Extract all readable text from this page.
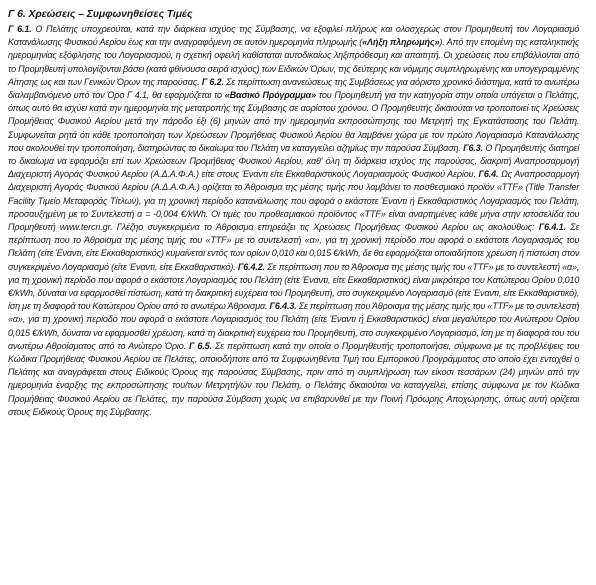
Γ 6. Χρεώσεις – Συμφωνηθείσες Τιμές

Γ 6.1. Ο Πελάτης υποχρεούται, κατά την διάρκεια ισχύος της Σύμβασης, να εξοφλεί πλήρως και ολοσχερώς στον Προμηθευτή τον Λογαριασμό Κατανάλωσης Φυσικού Αερίου έως και την αναγραφόμενη σε αυτόν ημερομηνία πληρωμής («Λήξη πληρωμής»). Από την επομένη της καταληκτικής ημερομηνίας εξόφλησης του Λογαριασμού, η σχετική οφειλή καθίσταται αυτοδικαίως ληξιπρόθεσμη και απαιτητή. Οι χρεώσεις που επιβάλλονται από το Προμηθευτή υπολογίζονται βάσει (κατά φθίνουσα σειρά ισχύος) των Ειδικών Όρων, της δεύτερης και νόμιμης συμπληρωμένης και υπογεγραμμένης Αίτησης ως και των Γενικών Όρων της παρούσας. Γ 6.2. Σε περίπτωση ανανεώσεως της Συμβάσεως για αόριστο χρονικό διάστημα, κατά το ανωτέρω διαλαμβανόμενο υπό τον Όρο Γ 4.1, θα εφαρμόζεται το «Βασικό Πρόγραμμα» του Προμηθευτή για την κατηγορία στην οποία υπάγεται ο Πελάτης, όπως αυτό θα ισχύει κατά την ημερομηνία της μετατροπής της Σύμβασης σε αορίστου χρόνου. Ο Προμηθευτής δικαιούται να τροποποιεί τις Χρεώσεις Προμήθειας Φυσικού Αερίου μετά την πάροδο έξι (6) μηνών από την ημερομηνία εκπροσώπησης του Μετρητή της Εγκατάστασης του Πελάτη. Συμφωνείται ρητά ότι κάθε τροποποίηση των Χρεώσεων Προμήθειας Φυσικού Αερίου θα λαμβάνει χώρα με τον πρώτο Λογαριασμό Κατανάλωσης που ακολουθεί την τροποποίηση, διατηρώντας το δικαίωμα του Πελάτη να καταγγείλει αζημίως την παρούσα Σύμβαση. Γ6.3. Ο Προμηθευτής διατηρεί το δικαίωμα να εφαρμόζει επί των Χρεώσεων Προμήθειας Φυσικού Αερίου, καθ' όλη τη διάρκεια ισχύος της παρούσας, διακριτή Αναπροσαρμογή Διαχειριστή Αγοράς Φυσικού Αερίου (Α.Δ.Α.Φ.Α.) είτε στους Έναντι είτε Εκκαθαριστικούς Λογαριασμούς Φυσικού Αερίου. Γ6.4. Ως Αναπροσαρμογή Διαχειριστή Αγοράς Φυσικού Αερίου (Α.Δ.Α.Φ.Α.) ορίζεται το Άθροισμα της μέσης τιμής που λαμβάνει το ποσθεσμιακό προϊόν «TTF» (Title Transfer Facility Τιμείο Μεταφοράς Τίτλων), για τη χρονική περίοδο κατανάλωσης που αφορά ο εκάστοτε Έναντι ή Εκκαθαριστικός Λογαριασμός του Πελάτη, προσαυξημένη με το Συντελεστή α = -0,004 €/kWh. Οι τιμές του προθεσμιακού προϊόντος «TTF» είναι αναρτημένες κάθε μήνα στην ιστοσελίδα του Προμηθευτή www.tercn.gr. Γλέζηο συγκεκριμένα το Άθροισμα επηρεάζει τις Χρεώσεις Προμήθειας Φυσικού Αερίου ως ακολούθως: Γ6.4.1. Σε περίπτωση που το Άθροισμα της μέσης τιμής του «TTF» με το συντελεστή «α», για τη χρονική περίοδο που αφορά ο εκάστοτε Λογαριασμός του Πελάτη (είτε Έναντι, είτε Εκκαθαριστικός) κυμαίνεται εντός των ορίων 0,010 και 0,015 €/kWh, δε θα εφαρμόζεται οποιαδήποτε χρέωση ή πίστωση στον συγκεκριμένο Λογαριασμό (είτε Έναντι, είτε Εκκαθαριστικό). Γ6.4.2. Σε περίπτωση που το Άθροισμα της μέσης τιμής του «TTF» με το συντελεστή «α», για τη χρονική περίοδο που αφορά ο εκάστοτε Λογαριασμός του Πελάτη (είτε Έναντι, είτε Εκκαθαριστικός) είναι μικρότερο του Κατώτερου Ορίου 0,010 €/kWh, δύναται να εφαρμοσθεί πίστωση, κατά τη διακριτική ευχέρεια του Προμηθευτή, στο συγκεκριμένο Λογαριασμό (είτε Έναντι, είτε Εκκαθαριστικό), ίση με τη διαφορά του Κατώτερου Ορίου από το ανωτέρω Άθροισμα. Γ6.4.3. Σε περίπτωση που Άθροισμα της μέσης τιμής του «TTF» με το συντελεστή «α», για τη χρονική περίοδο που αφορά ο εκάστοτε Λογαριασμός του Πελάτη (είτε Έναντι ή Εκκαθαριστικός) είναι μεγαλύτερο του Ανώτερου Ορίου 0,015 €/kWh, δύναται να εφαρμοσθεί χρέωση, κατά τη διακριτική ευχέρεια του Προμηθευτή, στο συγκεκριμένο Λογαριασμό, ίση με τη διαφορά του του ανωτέρω Αθροίσματος από το Ανώτερο Όριο. Γ 6.5. Σε περίπτωση κατά την οποία ο Προμηθευτής τροποποιήσει, σύμφωνα με τις προβλέψεις του Κώδικα Προμήθειας Φυσικού Αερίου σε Πελάτες, οποιοδήποτε από τα Συμφωνηθέντα Τιμή του Εμπορικού Προγράμματος στο οποίο έχει ενταχθεί ο Πελάτης και αναγράφεται στους Ειδικούς Όρους της παρούσας Σύμβασης, πριν από τη συμπλήρωση των είκοσι τεσσάρων (24) μηνών από την ημερομηνία έναρξης της εκπροσώπησης του/των Μετρητή/ών του Πελάτη, ο Πελάτης δικαιούται να καταγγείλει, επίσης σύμφωνα με τον Κώδικα Προμήθειας Φυσικού Αερίου σε Πελάτες, την παρούσα Σύμβαση χωρίς να επιβαρυνθεί με την Ποινή Πρόωρης Αποχώρησης, όπως αυτή ορίζεται στους Ειδικούς Όρους της Σύμβασης.
